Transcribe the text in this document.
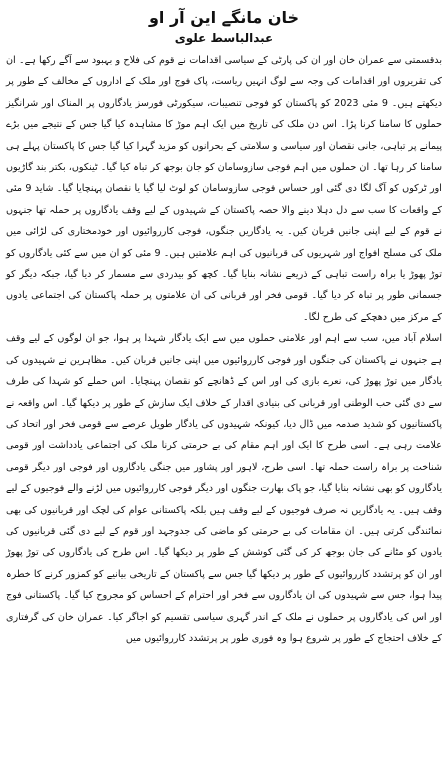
خان مانگے این آر او
عبدالباسط علوی

بدقسمتی سے عمران خان اور ان کی پارٹی کے سیاسی اقدامات نے قوم کی فلاح و بہبود سے آگے رکھا ہے۔ ان کی تقریروں اور اقدامات کی وجہ سے لوگ انہیں ریاست، پاک فوج اور ملک کے اداروں کے مخالف کے طور پر دیکھتے ہیں۔ 9 مئی 2023 کو پاکستان کو فوجی تنصیبات، سیکورٹی فورسز یادگاروں پر المناک اور شرانگیز حملوں کا سامنا کرنا پڑا۔ اس دن ملک کی تاریخ میں ایک اہم موڑ کا مشاہدہ کیا گیا جس کے نتیجے میں بڑے پیمانے پر تباہی، جانی نقصان اور سیاسی و سلامتی کے بحرانوں کو مزید گہرا کیا گیا جس کا پاکستان پہلے ہی سامنا کر رہا تھا۔ ان حملوں میں اہم فوجی سازوسامان کو جان بوجھ کر تباہ کیا گیا۔ ٹینکوں، بکتر بند گاڑیوں اور ٹرکوں کو آگ لگا دی گئی اور حساس فوجی سازوسامان کو لوٹ لیا گیا یا نقصان پہنچایا گیا۔ شاید 9 مئی کے واقعات کا سب سے دل دہلا دینے والا حصہ پاکستان کے شہیدوں کے لیے وقف یادگاروں پر حملہ تھا جنہوں نے قوم کے لیے اپنی جانیں قربان کیں۔ یہ یادگاریں جنگوں، فوجی کارروائیوں اور خودمختاری کی لڑائی میں ملک کی مسلح افواج اور شہریوں کی قربانیوں کی اہم علامتیں ہیں۔ 9 مئی کو ان میں سے کئی یادگاروں کو توڑ پھوڑ یا براہ راست تباہی کے ذریعے نشانہ بنایا گیا۔ کچھ کو بیدردی سے مسمار کر دیا گیا، جبکہ دیگر کو جسمانی طور پر تباہ کر دیا گیا۔ قومی فخر اور قربانی کی ان علامتوں پر حملہ پاکستان کی اجتماعی یادوں کے مرکز میں دھچکے کی طرح لگا۔

اسلام آباد میں، سب سے اہم اور علامتی حملوں میں سے ایک یادگار شہدا پر ہوا، جو ان لوگوں کے لیے وقف ہے جنہوں نے پاکستان کی جنگوں اور فوجی کارروائیوں میں اپنی جانیں قربان کیں۔ مظاہرین نے شہیدوں کی یادگار میں توڑ پھوڑ کی، نعرے بازی کی اور اس کے ڈھانچے کو نقصان پہنچایا۔ اس حملے کو شہدا کی طرف سے دی گئی حب الوطنی اور قربانی کی بنیادی اقدار کے خلاف ایک سازش کے طور پر دیکھا گیا۔ اس واقعہ نے پاکستانیوں کو شدید صدمہ میں ڈال دیا، کیونکہ شہیدوں کی یادگار طویل عرصے سے قومی فخر اور اتحاد کی علامت رہی ہے۔ اسی طرح کا ایک اور اہم مقام کی بے حرمتی کرنا ملک کی اجتماعی یادداشت اور قومی شناخت پر براہ راست حملہ تھا۔ اسی طرح، لاہور اور پشاور میں جنگی یادگاروں اور فوجی اور دیگر قومی یادگاروں کو بھی نشانہ بنایا گیا، جو پاک بھارت جنگوں اور دیگر فوجی کارروائیوں میں لڑنے والے فوجیوں کے لیے وقف ہیں۔ یہ یادگاریں نہ صرف فوجیوں کے لیے وقف ہیں بلکہ پاکستانی عوام کی لچک اور قربانیوں کی بھی نمائندگی کرتی ہیں۔ ان مقامات کی بے حرمتی کو ماضی کی جدوجہد اور قوم کے لیے دی گئی قربانیوں کی یادوں کو مٹانے کی جان بوجھ کر کی گئی کوشش کے طور پر دیکھا گیا۔ اس طرح کی یادگاروں کی توڑ پھوڑ اور ان کو پرتشدد کارروائیوں کے طور پر دیکھا گیا جس سے پاکستان کے تاریخی بیانیے کو کمزور کرنے کا خطرہ پیدا ہوا، جس سے شہیدوں کی ان یادگاروں سے فخر اور احترام کے احساس کو مجروح کیا گیا۔ پاکستانی فوج اور اس کی یادگاروں پر حملوں نے ملک کے اندر گہری سیاسی تقسیم کو اجاگر کیا۔ عمران خان کی گرفتاری کے خلاف احتجاج کے طور پر شروع ہوا وہ فوری طور پر پرتشدد کارروائیوں میں
